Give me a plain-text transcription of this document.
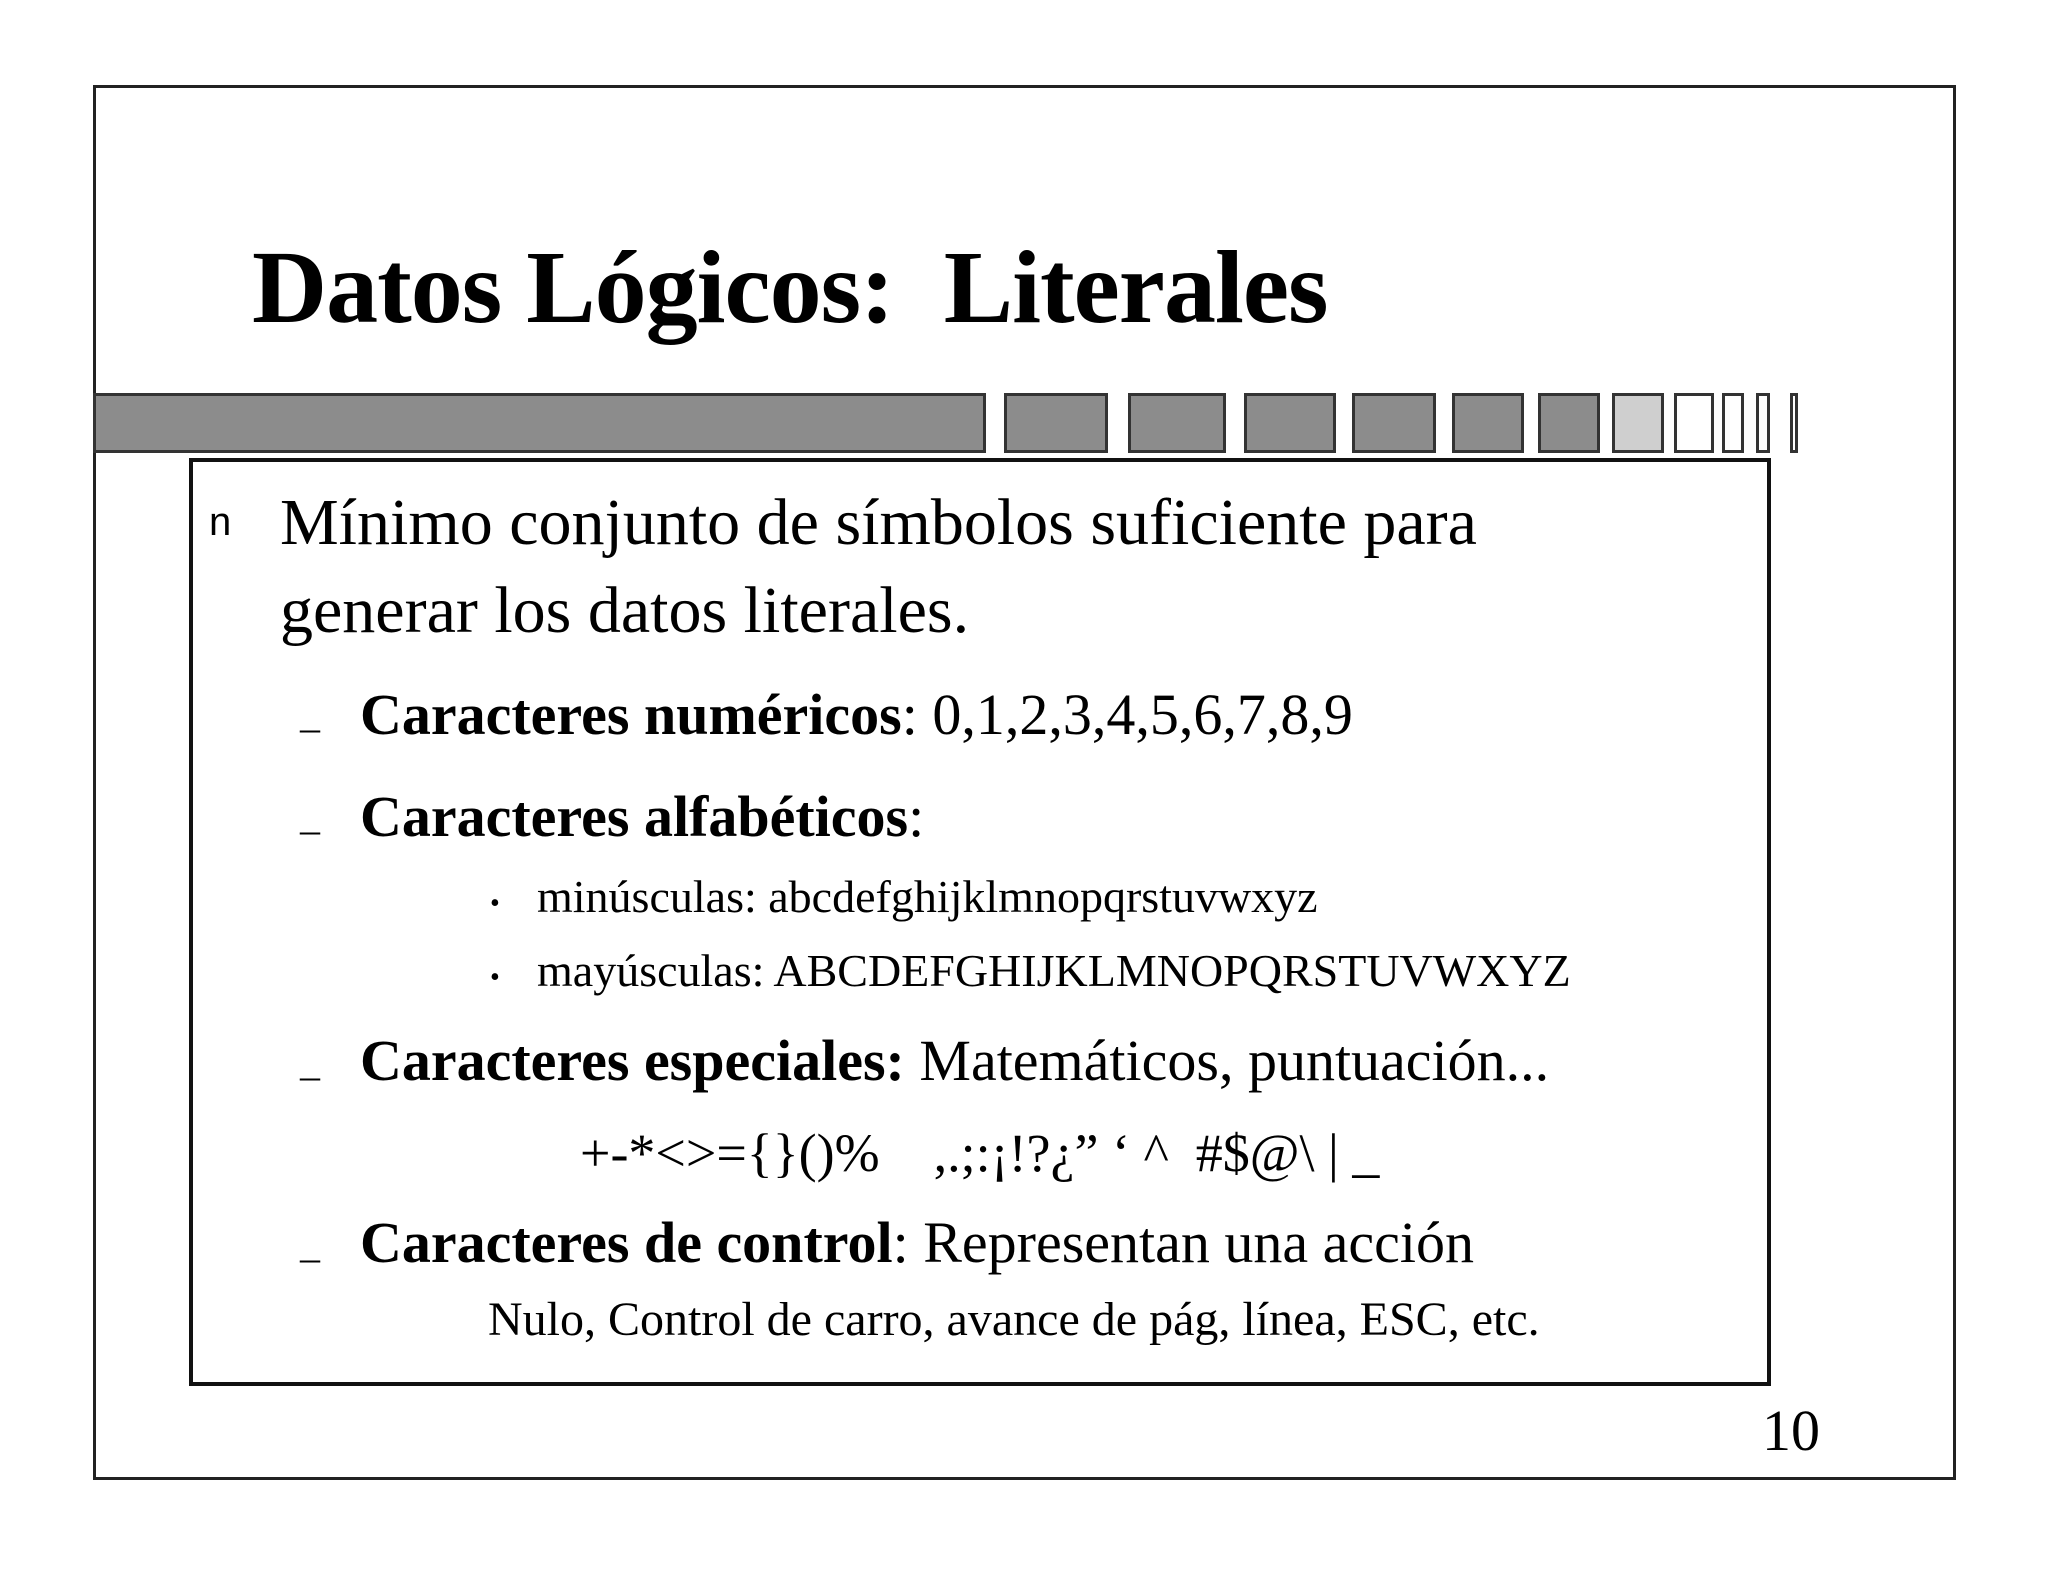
Datos Lógicos:  Literales
n Mínimo conjunto de símbolos suficiente para
generar los datos literales.
– Caracteres numéricos: 0,1,2,3,4,5,6,7,8,9
– Caracteres alfabéticos:
• minúsculas: abcdefghijklmnopqrstuvwxyz
• mayúsculas: ABCDEFGHIJKLMNOPQRSTUVWXYZ
– Caracteres especiales: Matemáticos, puntuación...
+-*<>={}()%    ,.;:¡!?¿” ‘ ^  #$@\ | _
– Caracteres de control: Representan una acción
Nulo, Control de carro, avance de pág, línea, ESC, etc.
10
